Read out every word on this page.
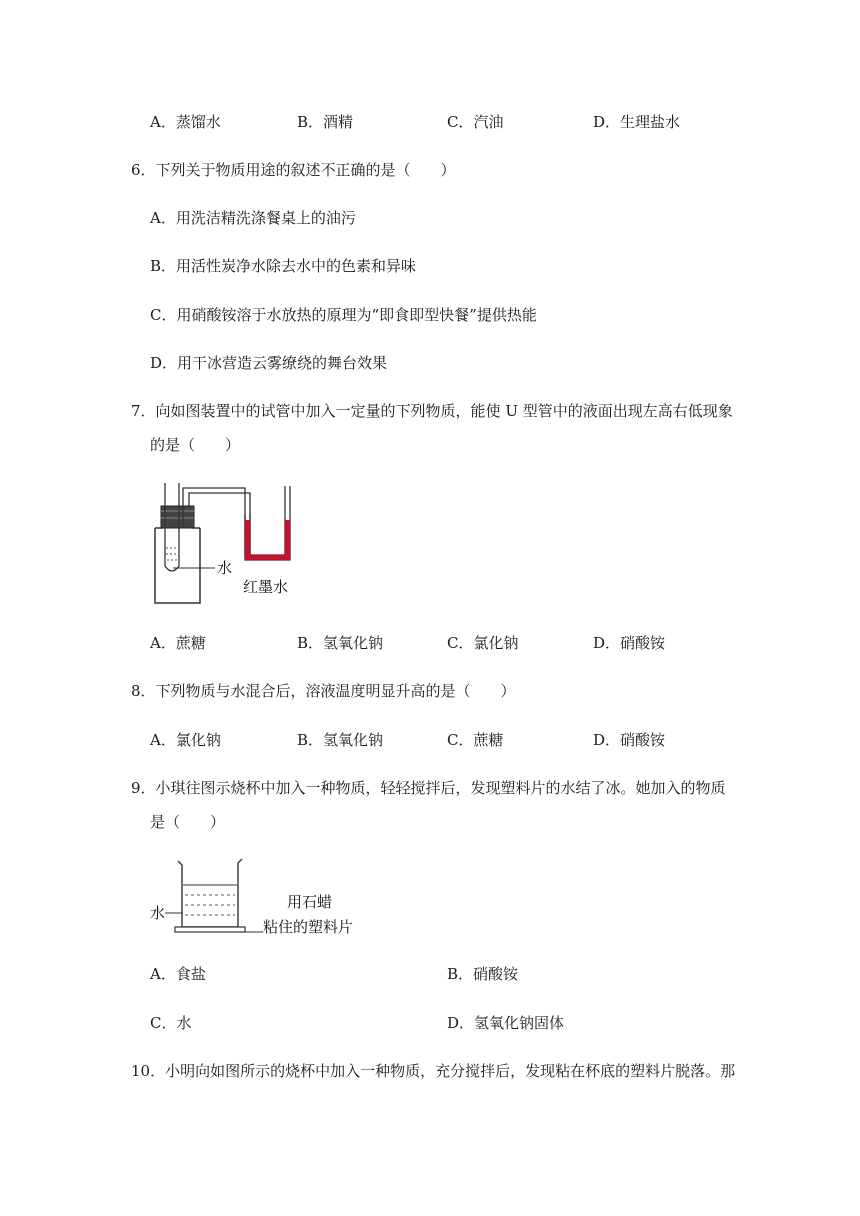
A．蒸馏水	B．酒精	C．汽油	D．生理盐水
6．下列关于物质用途的叙述不正确的是（　　）
A．用洗洁精洗涤餐桌上的油污
B．用活性炭净水除去水中的色素和异味
C．用硝酸铵溶于水放热的原理为“即食即型快餐”提供热能
D．用干冰营造云雾缭绕的舞台效果
7．向如图装置中的试管中加入一定量的下列物质，能使 U 型管中的液面出现左高右低现象
的是（　　）
水
红墨水
A．蔗糖	B．氢氧化钠	C．氯化钠	D．硝酸铵
8．下列物质与水混合后，溶液温度明显升高的是（　　）
A．氯化钠	B．氢氧化钠	C．蔗糖	D．硝酸铵
9．小琪往图示烧杯中加入一种物质，轻轻搅拌后，发现塑料片的水结了冰。她加入的物质
是（　　）
水
用石蜡
粘住的塑料片
A．食盐	B．硝酸铵
C．水	D．氢氧化钠固体
10．小明向如图所示的烧杯中加入一种物质，充分搅拌后，发现粘在杯底的塑料片脱落。那
